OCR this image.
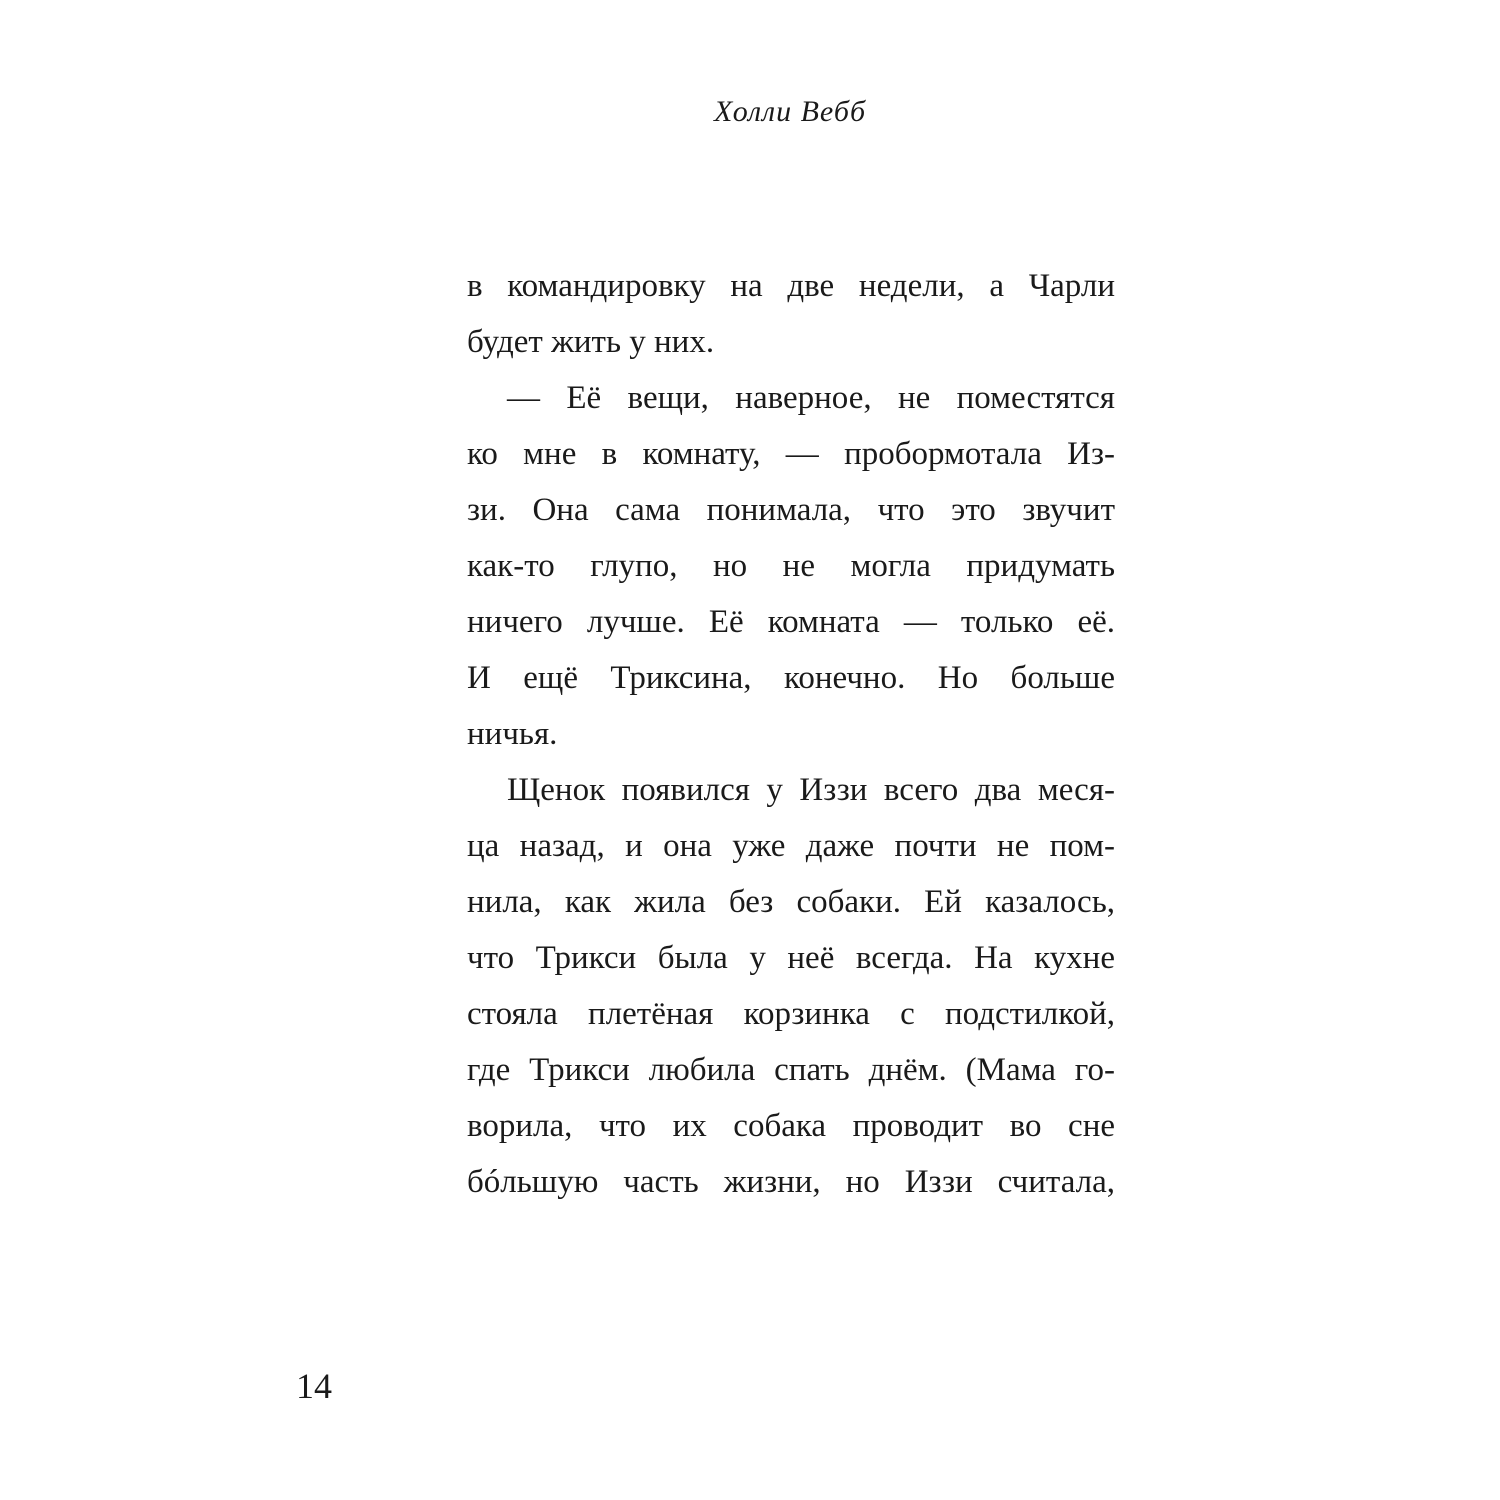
Холли Вебб
в командировку на две недели, а Чарли
будет жить у них.
— Её вещи, наверное, не поместятся
ко мне в комнату, — пробормотала Из-
зи. Она сама понимала, что это звучит
как-то глупо, но не могла придумать
ничего лучше. Её комната — только её.
И ещё Триксина, конечно. Но больше
ничья.
Щенок появился у Иззи всего два меся-
ца назад, и она уже даже почти не пом-
нила, как жила без собаки. Ей казалось,
что Трикси была у неё всегда. На кухне
стояла плетёная корзинка с подстилкой,
где Трикси любила спать днём. (Мама го-
ворила, что их собака проводит во сне
бóльшую часть жизни, но Иззи считала,
14
